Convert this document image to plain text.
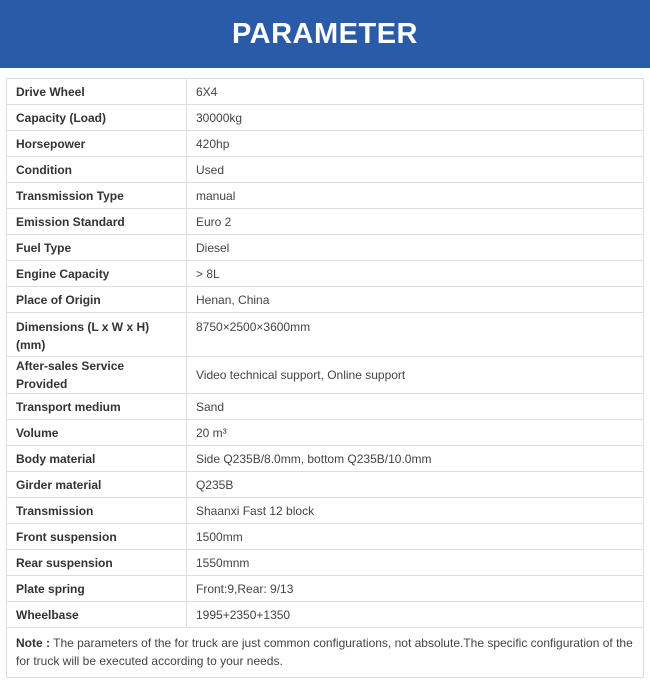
PARAMETER
Drive Wheel	6X4
Capacity (Load)	30000kg
Horsepower	420hp
Condition	Used
Transmission Type	manual
Emission Standard	Euro 2
Fuel Type	Diesel
Engine Capacity	> 8L
Place of Origin	Henan, China
Dimensions (L x W x H) (mm)	8750×2500×3600mm
After-sales Service Provided	Video technical support, Online support
Transport medium	Sand
Volume	20 m³
Body material	Side Q235B/8.0mm, bottom Q235B/10.0mm
Girder material	Q235B
Transmission	Shaanxi Fast 12 block
Front suspension	1500mm
Rear suspension	1550mnm
Plate spring	Front:9,Rear: 9/13
Wheelbase	1995+2350+1350
Note : The parameters of the for truck are just common configurations, not absolute.The specific configuration of the for truck will be executed according to your needs.
